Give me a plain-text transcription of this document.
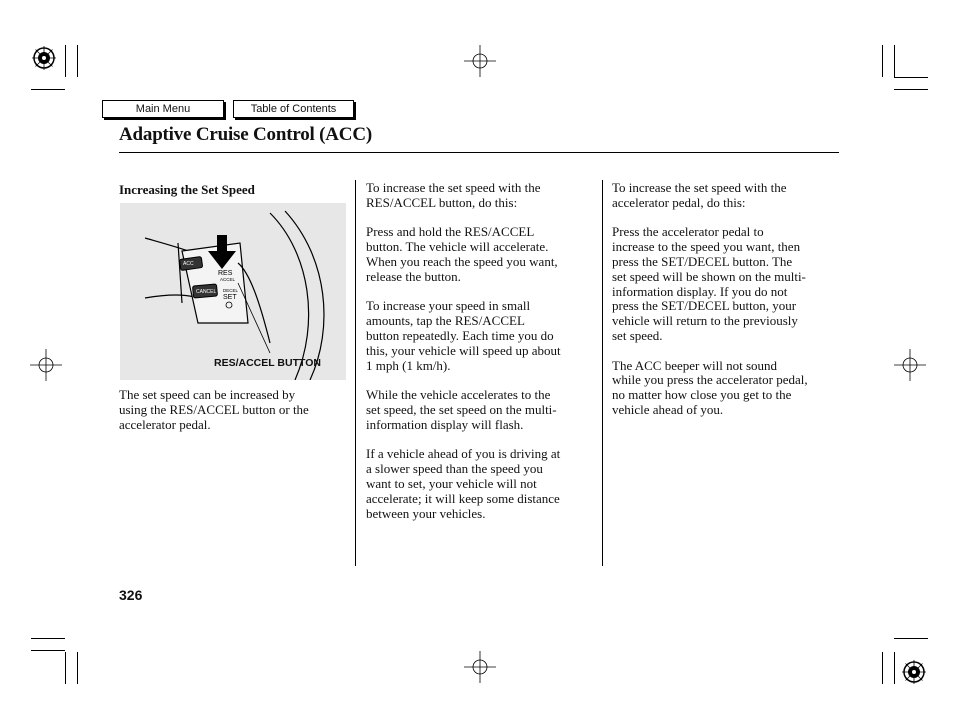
Main Menu	Table of Contents
Adaptive Cruise Control (ACC)
Increasing the Set Speed
ACC
CANCEL
RES
ACCEL
DECEL
SET
RES/ACCEL BUTTON
The set speed can be increased by
using the RES/ACCEL button or the
accelerator pedal.
To increase the set speed with the
RES/ACCEL button, do this:
Press and hold the RES/ACCEL
button. The vehicle will accelerate.
When you reach the speed you want,
release the button.
To increase your speed in small
amounts, tap the RES/ACCEL
button repeatedly. Each time you do
this, your vehicle will speed up about
1 mph (1 km/h).
While the vehicle accelerates to the
set speed, the set speed on the multi-
information display will flash.
If a vehicle ahead of you is driving at
a slower speed than the speed you
want to set, your vehicle will not
accelerate; it will keep some distance
between your vehicles.
To increase the set speed with the
accelerator pedal, do this:
Press the accelerator pedal to
increase to the speed you want, then
press the SET/DECEL button. The
set speed will be shown on the multi-
information display. If you do not
press the SET/DECEL button, your
vehicle will return to the previously
set speed.
The ACC beeper will not sound
while you press the accelerator pedal,
no matter how close you get to the
vehicle ahead of you.
326
